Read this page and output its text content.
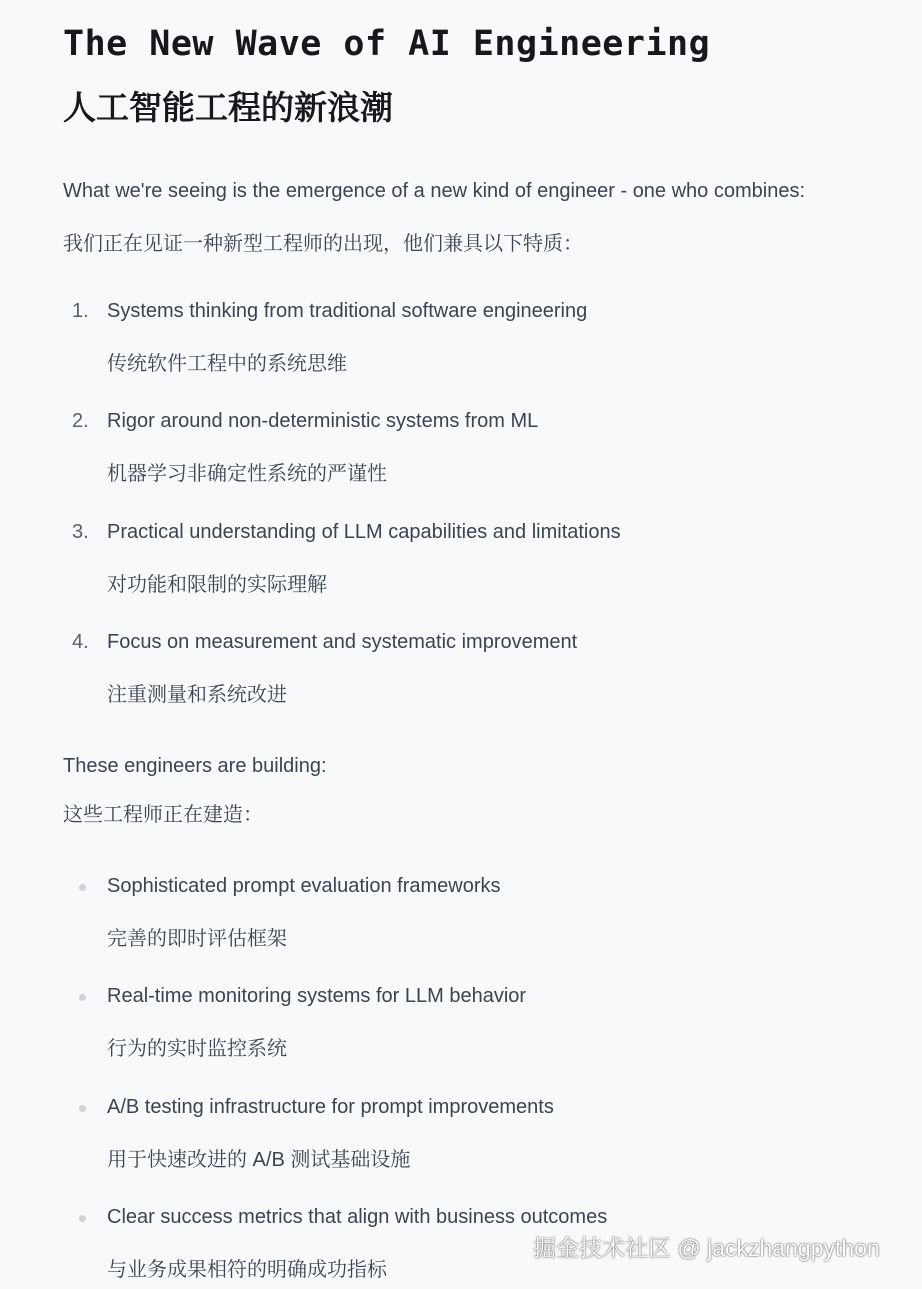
The New Wave of AI Engineering
人工智能工程的新浪潮

What we're seeing is the emergence of a new kind of engineer - one who combines:

我们正在见证一种新型工程师的出现，他们兼具以下特质：

1. Systems thinking from traditional software engineering
传统软件工程中的系统思维
2. Rigor around non-deterministic systems from ML
机器学习非确定性系统的严谨性
3. Practical understanding of LLM capabilities and limitations
对功能和限制的实际理解
4. Focus on measurement and systematic improvement
注重测量和系统改进

These engineers are building:

这些工程师正在建造：

Sophisticated prompt evaluation frameworks
完善的即时评估框架
Real-time monitoring systems for LLM behavior
行为的实时监控系统
A/B testing infrastructure for prompt improvements
用于快速改进的 A/B 测试基础设施
Clear success metrics that align with business outcomes
与业务成果相符的明确成功指标
掘金技术社区 @ jackzhangpython
